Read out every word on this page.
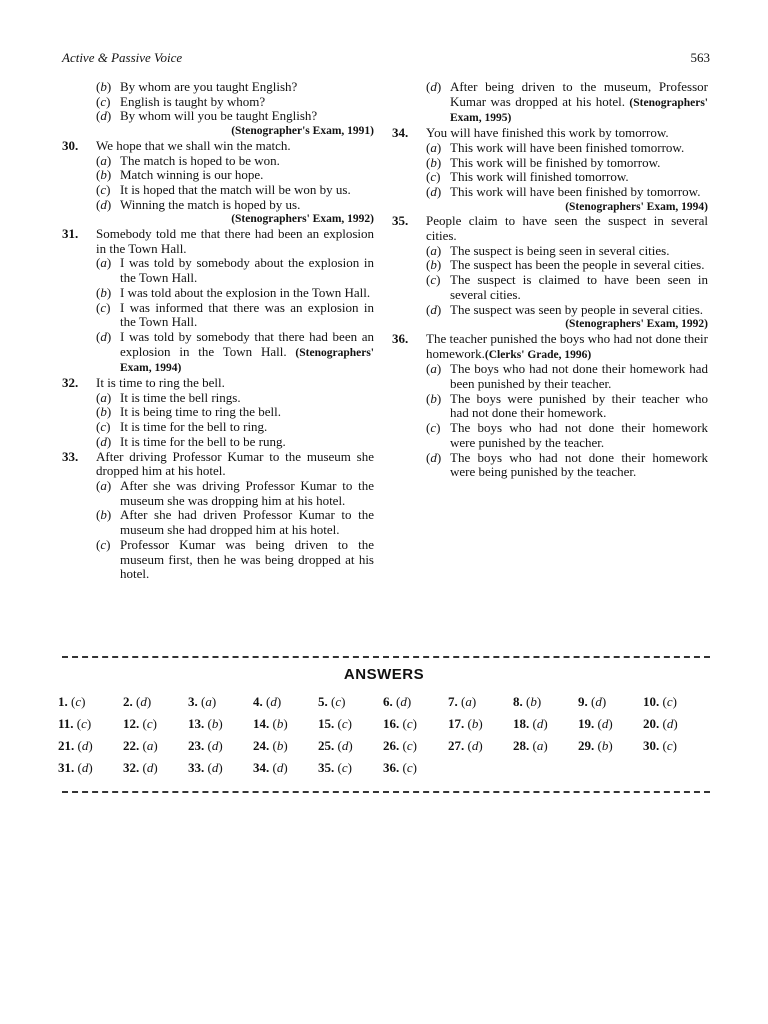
Active & Passive Voice	563
(b) By whom are you taught English?
(c) English is taught by whom?
(d) By whom will you be taught English?
(Stenographer's Exam, 1991)
30.	We hope that we shall win the match.
(a) The match is hoped to be won.
(b) Match winning is our hope.
(c) It is hoped that the match will be won by us.
(d) Winning the match is hoped by us.
(Stenographers' Exam, 1992)
31.	Somebody told me that there had been an explosion in the Town Hall.
(a) I was told by somebody about the explosion in the Town Hall.
(b) I was told about the explosion in the Town Hall.
(c) I was informed that there was an explosion in the Town Hall.
(d) I was told by somebody that there had been an explosion in the Town Hall. (Stenographers' Exam, 1994)
32.	It is time to ring the bell.
(a) It is time the bell rings.
(b) It is being time to ring the bell.
(c) It is time for the bell to ring.
(d) It is time for the bell to be rung.
33.	After driving Professor Kumar to the museum she dropped him at his hotel.
(a) After she was driving Professor Kumar to the museum she was dropping him at his hotel.
(b) After she had driven Professor Kumar to the museum she had dropped him at his hotel.
(c) Professor Kumar was being driven to the museum first, then he was being dropped at his hotel.
(d) After being driven to the museum, Professor Kumar was dropped at his hotel. (Stenographers' Exam, 1995)
34.	You will have finished this work by tomorrow.
(a) This work will have been finished tomorrow.
(b) This work will be finished by tomorrow.
(c) This work will finished tomorrow.
(d) This work will have been finished by tomorrow.
(Stenographers' Exam, 1994)
35.	People claim to have seen the suspect in several cities.
(a) The suspect is being seen in several cities.
(b) The suspect has been the people in several cities.
(c) The suspect is claimed to have been seen in several cities.
(d) The suspect was seen by people in several cities.
(Stenographers' Exam, 1992)
36.	The teacher punished the boys who had not done their homework.(Clerks' Grade, 1996)
(a) The boys who had not done their homework had been punished by their teacher.
(b) The boys were punished by their teacher who had not done their homework.
(c) The boys who had not done their homework were punished by the teacher.
(d) The boys who had not done their homework were being punished by the teacher.
ANSWERS
1. (c)	2. (d)	3. (a)	4. (d)	5. (c)	6. (d)	7. (a)	8. (b)	9. (d)	10. (c)
11. (c)	12. (c)	13. (b)	14. (b)	15. (c)	16. (c)	17. (b)	18. (d)	19. (d)	20. (d)
21. (d)	22. (a)	23. (d)	24. (b)	25. (d)	26. (c)	27. (d)	28. (a)	29. (b)	30. (c)
31. (d)	32. (d)	33. (d)	34. (d)	35. (c)	36. (c)
